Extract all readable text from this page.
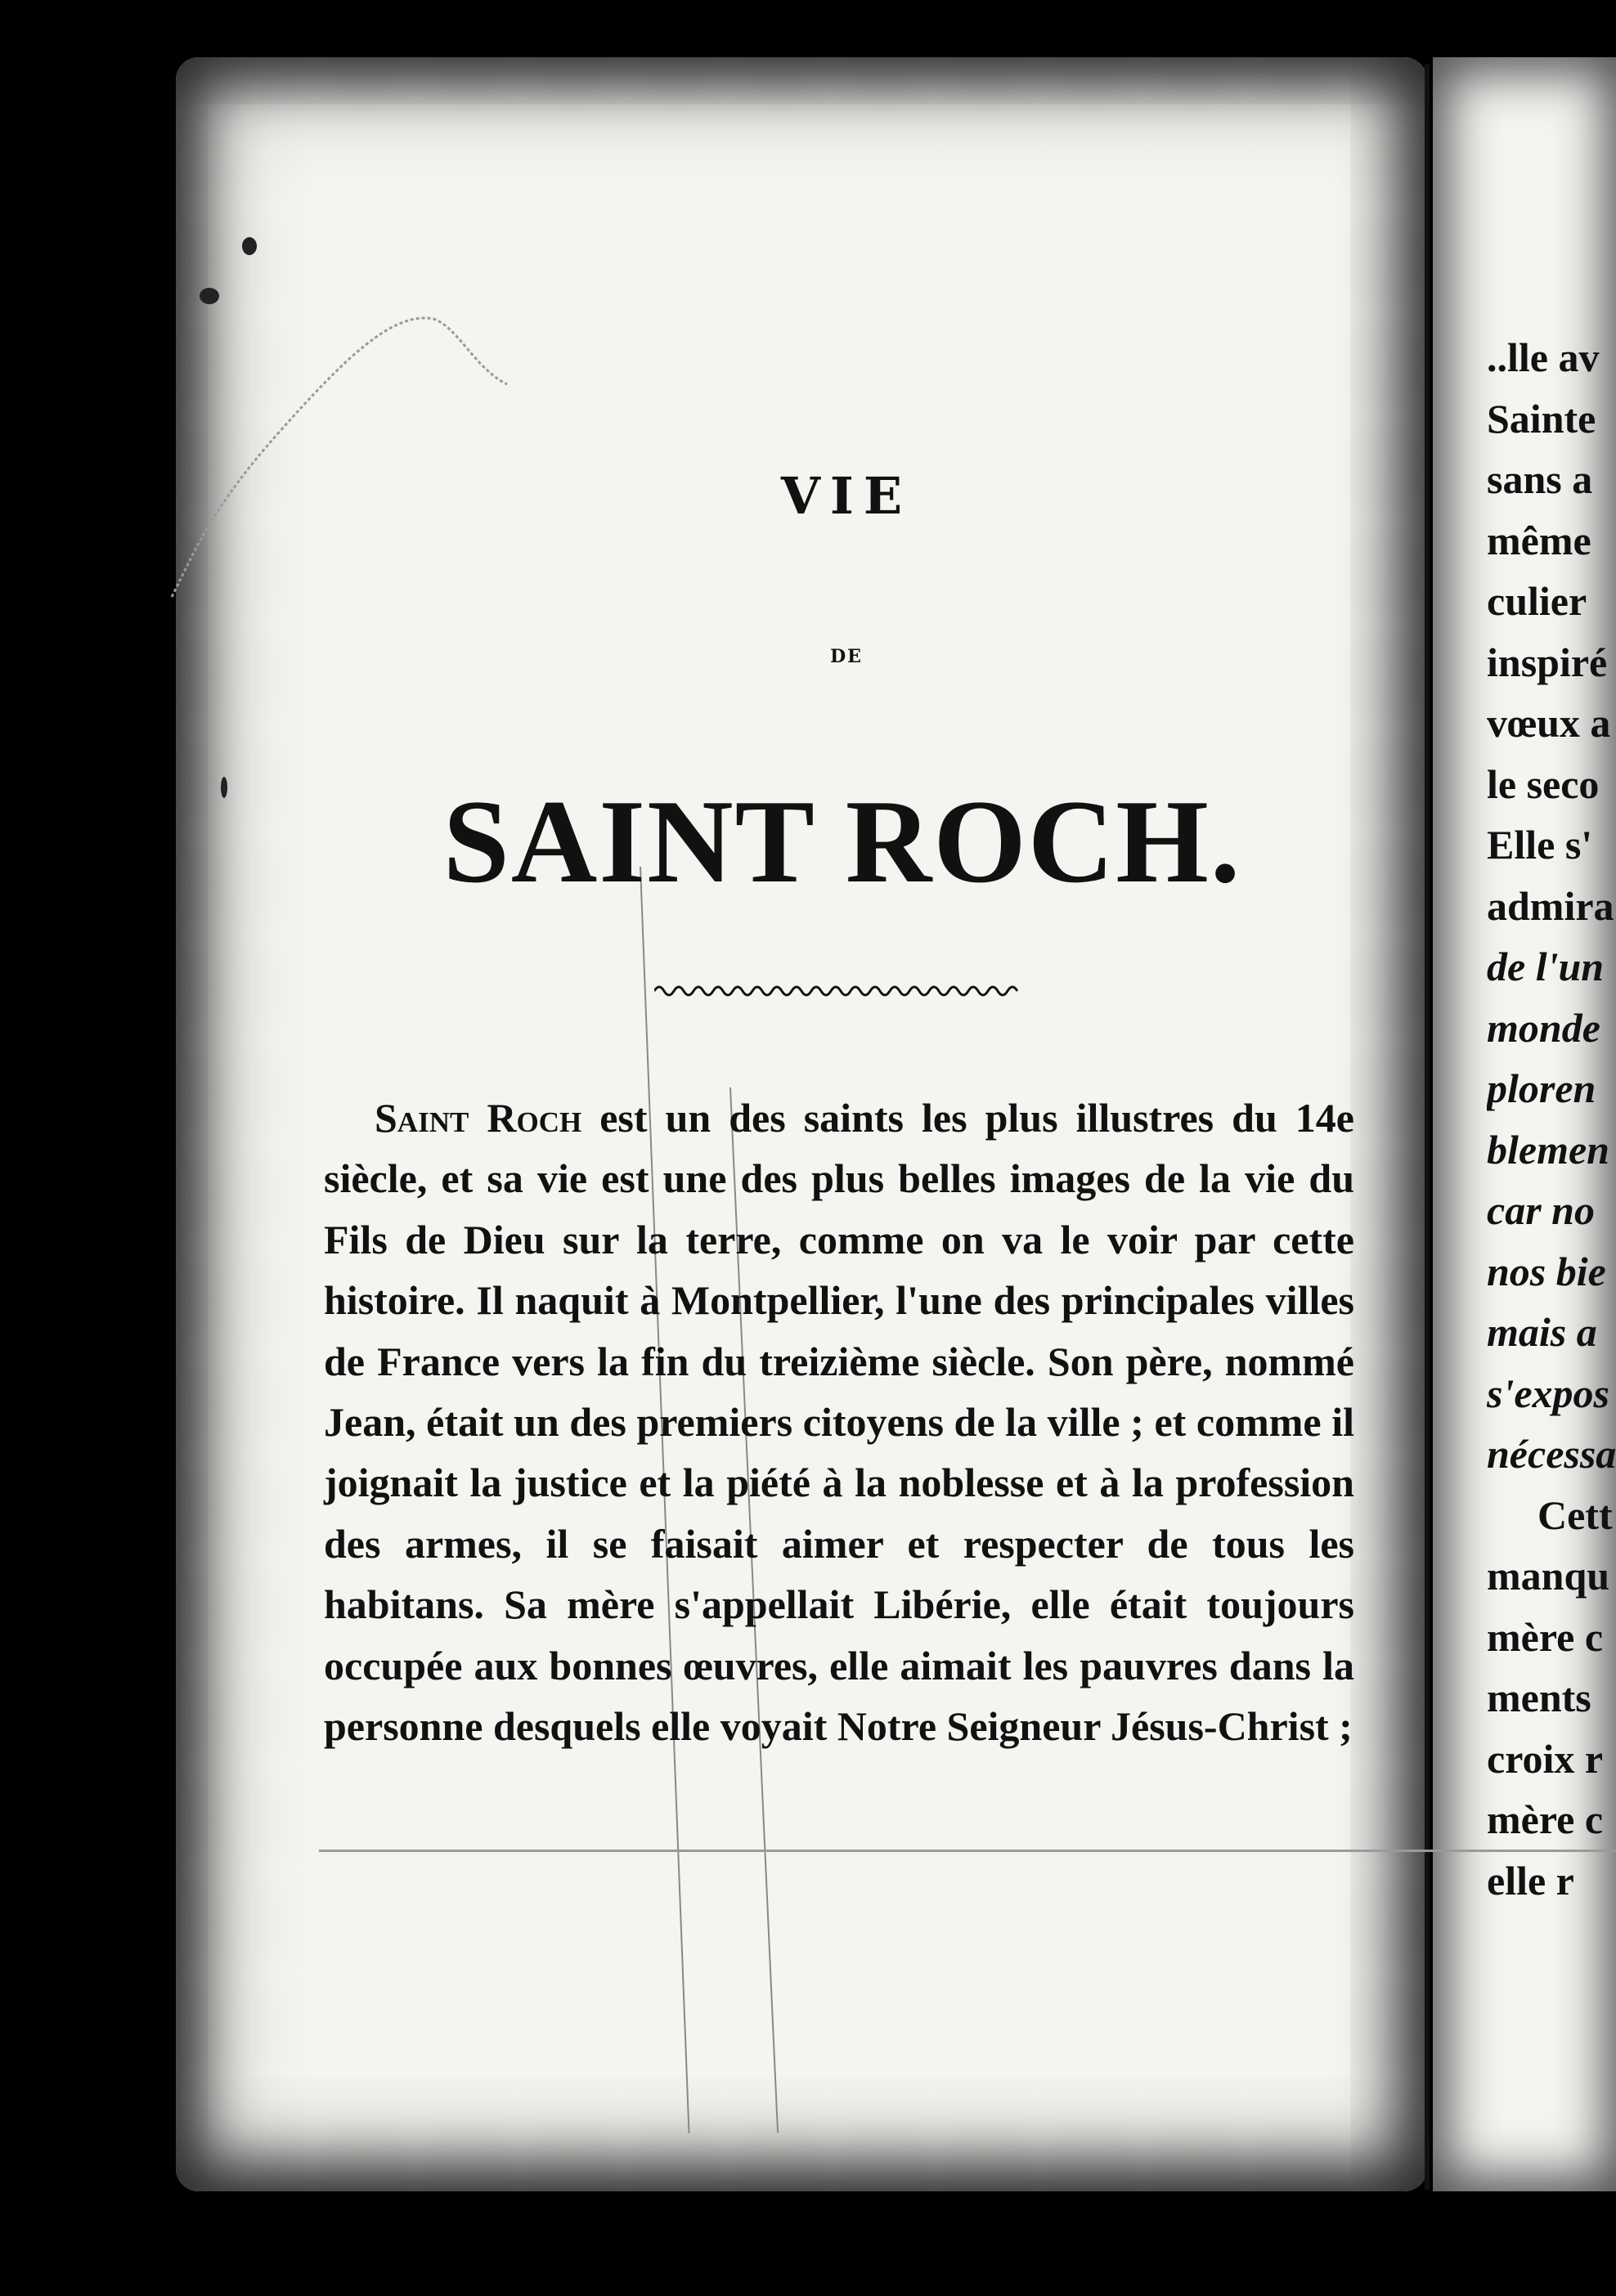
VIE
DE
SAINT ROCH.
Saint Roch est un des saints les plus illustres du 14e siècle, et sa vie est une des plus belles images de la vie du Fils de Dieu sur la terre, comme on va le voir par cette histoire. Il naquit à Montpellier, l'une des principales villes de France vers la fin du treizième siècle. Son père, nommé Jean, était un des premiers citoyens de la ville ; et comme il joignait la justice et la piété à la noblesse et à la profession des armes, il se faisait aimer et respecter de tous les habitans. Sa mère s'appellait Libérie, elle était toujours occupée aux bonnes œuvres, elle aimait les pauvres dans la personne desquels elle voyait Notre Seigneur Jésus-Christ ;
..lle av
Sainte
sans a
même
culier
inspiré
vœux a
le seco
Elle s'
admira
de l'un
monde
ploren
blemen
car no
nos bie
mais a
s'expos
nécessa
Cett
manqu
mère c
ments
croix r
mère c
elle r
